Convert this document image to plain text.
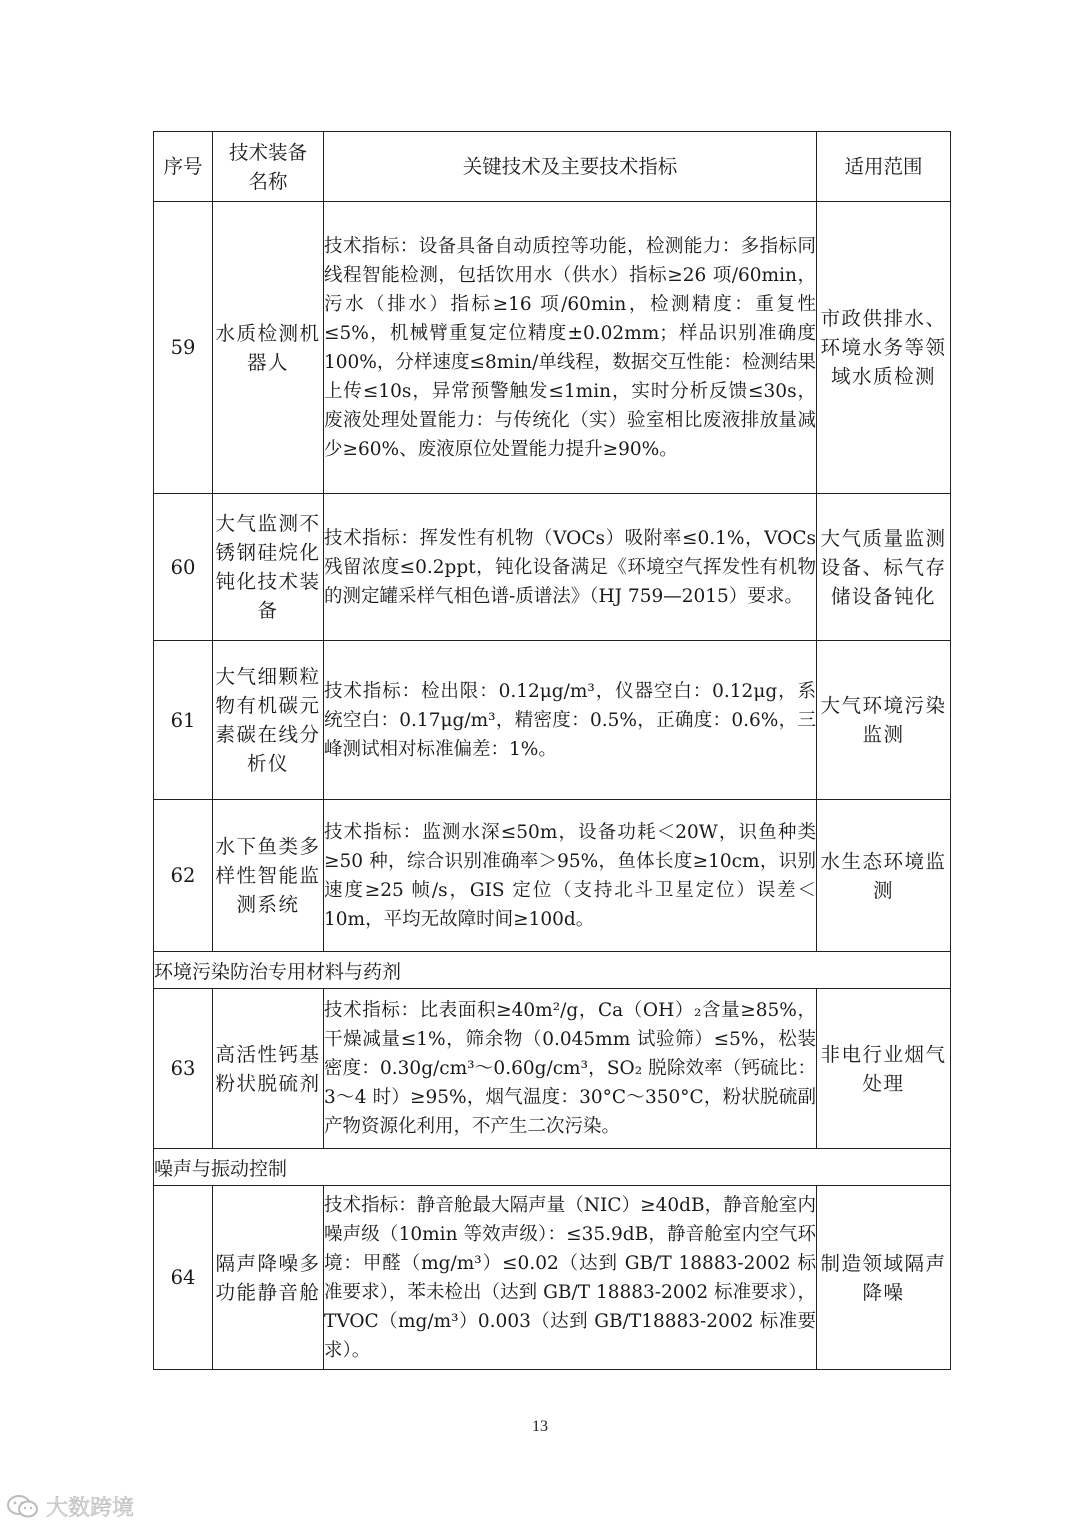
序号	技术装备名称	关键技术及主要技术指标	适用范围
59	水质检测机器人	技术指标：设备具备自动质控等功能，检测能力：多指标同线程智能检测，包括饮用水（供水）指标≥26 项/60min，污水（排水）指标≥16 项/60min，检测精度：重复性≤5%，机械臂重复定位精度±0.02mm；样品识别准确度 100%，分样速度≤8min/单线程，数据交互性能：检测结果上传≤10s，异常预警触发≤1min，实时分析反馈≤30s，废液处理处置能力：与传统化（实）验室相比废液排放量减少≥60%、废液原位处置能力提升≥90%。	市政供排水、环境水务等领域水质检测
60	大气监测不锈钢硅烷化钝化技术装备	技术指标：挥发性有机物（VOCs）吸附率≤0.1%，VOCs 残留浓度≤0.2ppt，钝化设备满足《环境空气挥发性有机物的测定罐采样气相色谱-质谱法》（HJ 759—2015）要求。	大气质量监测设备、标气存储设备钝化
61	大气细颗粒物有机碳元素碳在线分析仪	技术指标：检出限：0.12μg/m³，仪器空白：0.12μg，系统空白：0.17μg/m³，精密度：0.5%，正确度：0.6%，三峰测试相对标准偏差：1%。	大气环境污染监测
62	水下鱼类多样性智能监测系统	技术指标：监测水深≤50m，设备功耗＜20W，识鱼种类≥50 种，综合识别准确率＞95%，鱼体长度≥10cm，识别速度≥25 帧/s，GIS 定位（支持北斗卫星定位）误差＜10m，平均无故障时间≥100d。	水生态环境监测
环境污染防治专用材料与药剂			
63	高活性钙基粉状脱硫剂	技术指标：比表面积≥40m²/g，Ca（OH）₂含量≥85%，干燥减量≤1%，筛余物（0.045mm 试验筛）≤5%，松装密度：0.30g/cm³～0.60g/cm³，SO₂ 脱除效率（钙硫比：3～4 时）≥95%，烟气温度：30°C～350°C，粉状脱硫副产物资源化利用，不产生二次污染。	非电行业烟气处理
噪声与振动控制			
64	隔声降噪多功能静音舱	技术指标：静音舱最大隔声量（NIC）≥40dB，静音舱室内噪声级（10min 等效声级）：≤35.9dB，静音舱室内空气环境：甲醛（mg/m³）≤0.02（达到 GB/T 18883-2002 标准要求），苯未检出（达到 GB/T 18883-2002 标准要求），TVOC（mg/m³）0.003（达到 GB/T18883-2002 标准要求）。	制造领域隔声降噪
13
大数跨境
